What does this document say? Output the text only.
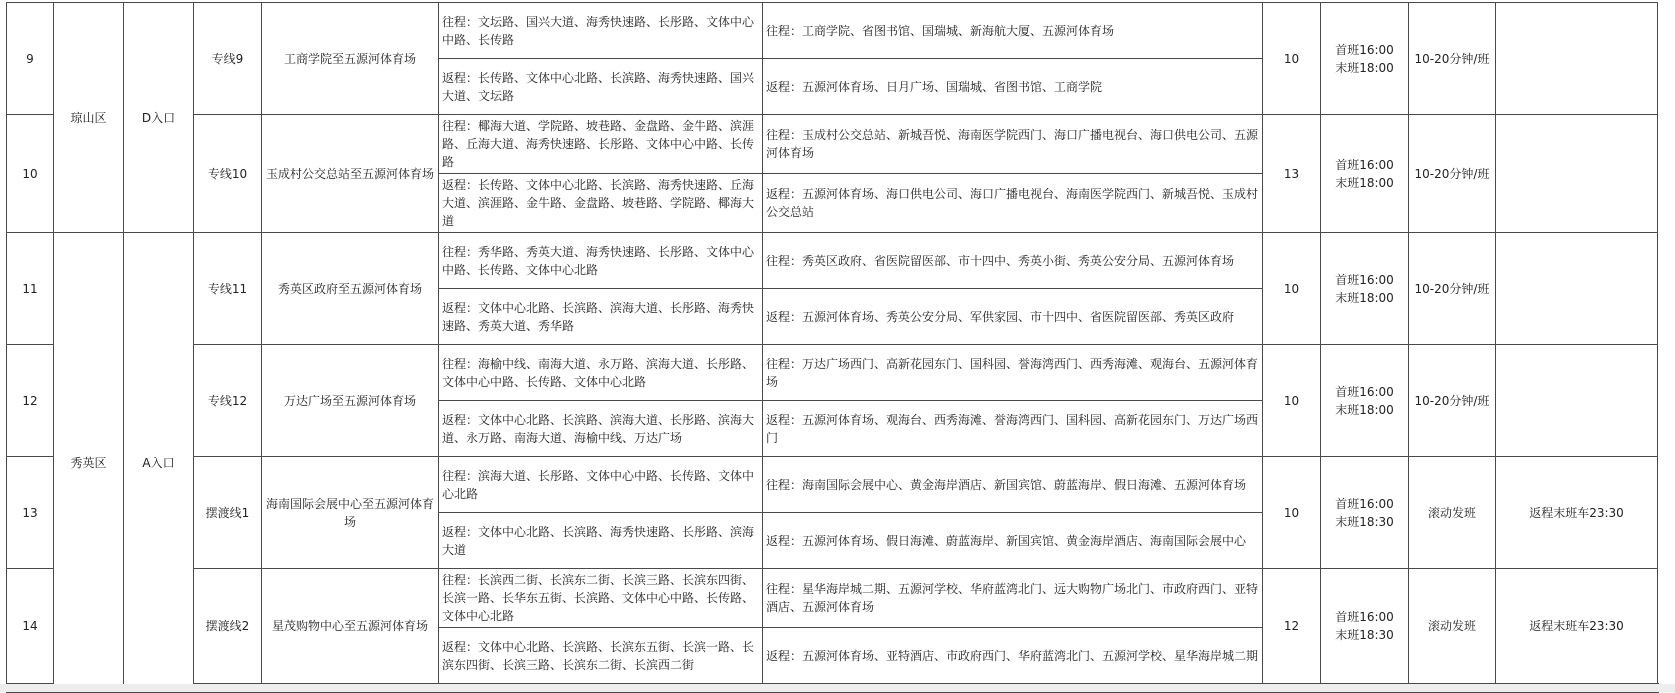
9	琼山区	D入口	专线9	工商学院至五源河体育场	往程：文坛路、国兴大道、海秀快速路、长彤路、文体中心中路、长传路	往程：工商学院、省图书馆、国瑞城、新海航大厦、五源河体育场	10	首班16:00
末班18:00	10-20分钟/班		
					返程：长传路、文体中心北路、长滨路、海秀快速路、国兴大道、文坛路	返程：五源河体育场、日月广场、国瑞城、省图书馆、工商学院					
10			专线10	玉成村公交总站至五源河体育场	往程：椰海大道、学院路、坡巷路、金盘路、金牛路、滨涯路、丘海大道、海秀快速路、长彤路、文体中心中路、长传路	往程：玉成村公交总站、新城吾悦、海南医学院西门、海口广播电视台、海口供电公司、五源河体育场	13	首班16:00
末班18:00	10-20分钟/班		
					返程：长传路、文体中心北路、长滨路、海秀快速路、丘海大道、滨涯路、金牛路、金盘路、坡巷路、学院路、椰海大道	返程：五源河体育场、海口供电公司、海口广播电视台、海南医学院西门、新城吾悦、玉成村公交总站					
11	秀英区	A入口	专线11	秀英区政府至五源河体育场	往程：秀华路、秀英大道、海秀快速路、长彤路、文体中心中路、长传路、文体中心北路	往程：秀英区政府、省医院留医部、市十四中、秀英小街、秀英公安分局、五源河体育场	10	首班16:00
末班18:00	10-20分钟/班		
					返程：文体中心北路、长滨路、滨海大道、长彤路、海秀快速路、秀英大道、秀华路	返程：五源河体育场、秀英公安分局、军供家园、市十四中、省医院留医部、秀英区政府					
12			专线12	万达广场至五源河体育场	往程：海榆中线、南海大道、永万路、滨海大道、长彤路、文体中心中路、长传路、文体中心北路	往程：万达广场西门、高新花园东门、国科园、誉海湾西门、西秀海滩、观海台、五源河体育场	10	首班16:00
末班18:00	10-20分钟/班		
					返程：文体中心北路、长滨路、滨海大道、长彤路、滨海大道、永万路、南海大道、海榆中线、万达广场	返程：五源河体育场、观海台、西秀海滩、誉海湾西门、国科园、高新花园东门、万达广场西门					
13			摆渡线1	海南国际会展中心至五源河体育场	往程：滨海大道、长彤路、文体中心中路、长传路、文体中心北路	往程：海南国际会展中心、黄金海岸酒店、新国宾馆、蔚蓝海岸、假日海滩、五源河体育场	10	首班16:00
末班18:30	滚动发班	返程末班车23:30	
					返程：文体中心北路、长滨路、海秀快速路、长彤路、滨海大道	返程：五源河体育场、假日海滩、蔚蓝海岸、新国宾馆、黄金海岸酒店、海南国际会展中心					
14			摆渡线2	星茂购物中心至五源河体育场	往程：长滨西二街、长滨东二街、长滨三路、长滨东四街、长滨一路、长华东五街、长滨路、文体中心中路、长传路、文体中心北路	往程：星华海岸城二期、五源河学校、华府蓝湾北门、远大购物广场北门、市政府西门、亚特酒店、五源河体育场	12	首班16:00
末班18:30	滚动发班	返程末班车23:30	
					返程：文体中心北路、长滨路、长滨东五街、长滨一路、长滨东四街、长滨三路、长滨东二街、长滨西二街	返程：五源河体育场、亚特酒店、市政府西门、华府蓝湾北门、五源河学校、星华海岸城二期					
